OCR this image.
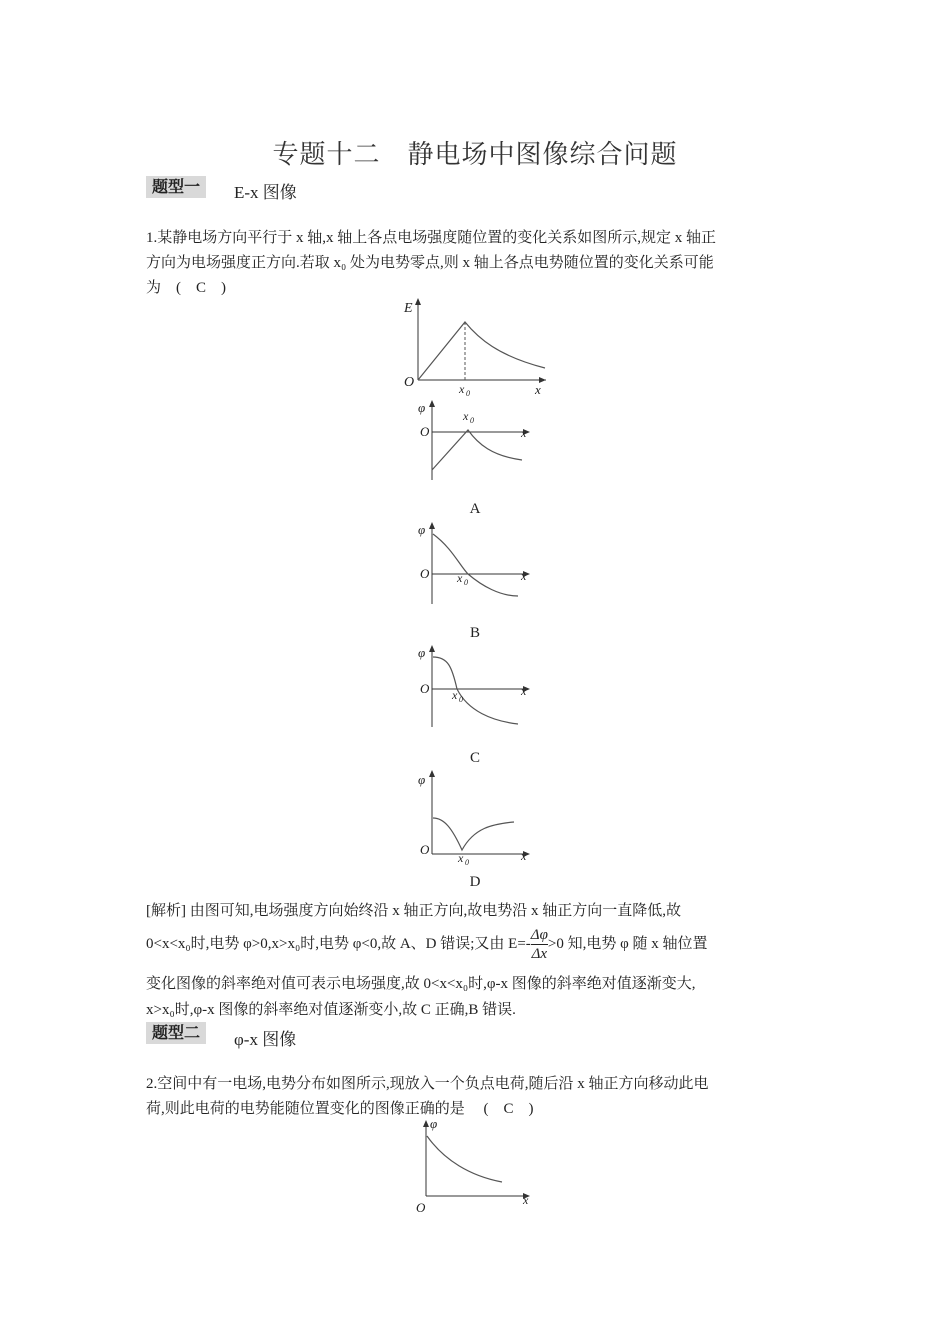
专题十二　静电场中图像综合问题
题型一	E-x 图像
1.某静电场方向平行于 x 轴,x 轴上各点电场强度随位置的变化关系如图所示,规定 x 轴正
方向为电场强度正方向.若取 x₀ 处为电势零点,则 x 轴上各点电势随位置的变化关系可能
为　(　C　)
E
O	x 0	x
φ
O
x 0
x
A
φ
O x 0	x
B
φ
O x 0
x
C
φ
O
x 0	x
D
[解析] 由图可知,电场强度方向始终沿 x 轴正方向,故电势沿 x 轴正方向一直降低,故
0<x<x₀时,电势 φ>0,x>x₀时,电势 φ<0,故 A、D 错误;又由 $E=- \frac{\Delta\varphi}{\Delta x} >0$ 知,电势 φ 随 x 轴位置
变化图像的斜率绝对值可表示电场强度,故 0<x<x₀时,φ-x 图像的斜率绝对值逐渐变大,
x>x₀时,φ-x 图像的斜率绝对值逐渐变小,故 C 正确,B 错误.
题型二	φ-x 图像
2.空间中有一电场,电势分布如图所示,现放入一个负点电荷,随后沿 x 轴正方向移动此电
荷,则此电荷的电势能随位置变化的图像正确的是　 (　C　)
φ
O	x
